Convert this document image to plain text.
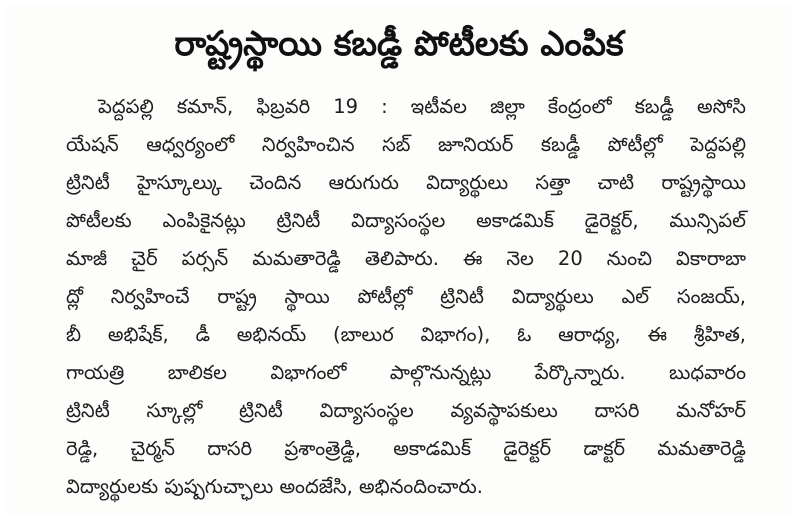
రాష్ట్రస్థాయి కబడ్డీ పోటీలకు ఎంపిక
పెద్దపల్లి కమాన్, ఫిబ్రవరి 19 : ఇటీవల జిల్లా కేంద్రంలో కబడ్డీ అసోసి
యేషన్ ఆధ్వర్యంలో నిర్వహించిన సబ్ జూనియర్ కబడ్డీ పోటీల్లో పెద్దపల్లి
ట్రినిటీ హైస్కూల్కు చెందిన ఆరుగురు విద్యార్థులు సత్తా చాటి రాష్ట్రస్థాయి
పోటీలకు ఎంపికైనట్లు ట్రినిటీ విద్యాసంస్థల అకాడమిక్ డైరెక్టర్, మున్సిపల్
మాజీ చైర్ పర్సన్ మమతారెడ్డి తెలిపారు. ఈ నెల 20 నుంచి వికారాబా
ద్లో నిర్వహించే రాష్ట్ర స్థాయి పోటీల్లో ట్రినిటీ విద్యార్థులు ఎల్ సంజయ్,
బీ అభిషేక్, డీ అభినయ్ (బాలుర విభాగం), ఓ ఆరాధ్య, ఈ శ్రీహిత,
గాయత్రి బాలికల విభాగంలో పాల్గొనున్నట్లు పేర్కొన్నారు. బుధవారం
ట్రినిటీ స్కూల్లో ట్రినిటీ విద్యాసంస్థల వ్యవస్థాపకులు దాసరి మనోహర్
రెడ్డి, చైర్మన్ దాసరి ప్రశాంత్రెడ్డి, అకాడమిక్ డైరెక్టర్ డాక్టర్ మమతారెడ్డి
విద్యార్థులకు పుష్పగుచ్ఛాలు అందజేసి, అభినందించారు.
